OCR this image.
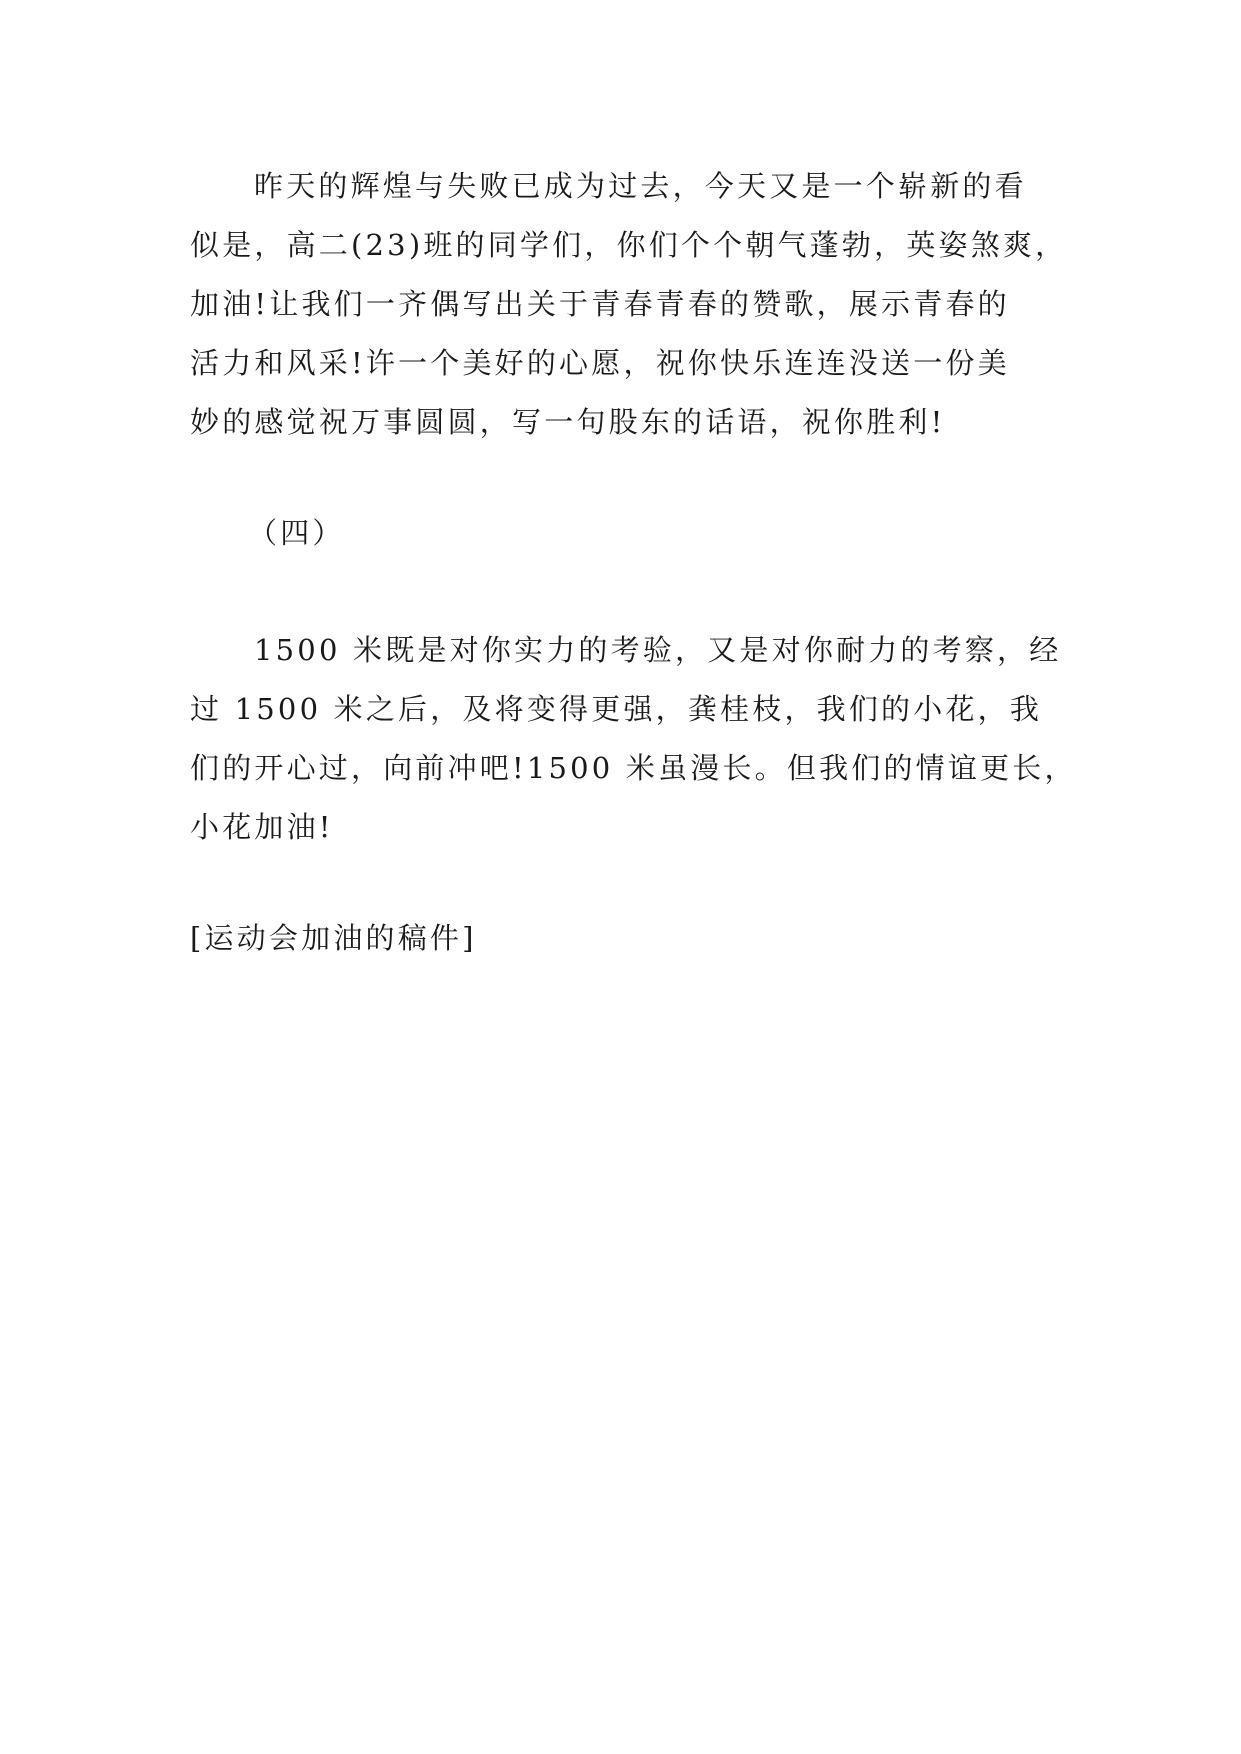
昨天的辉煌与失败已成为过去，今天又是一个崭新的看
似是，高二(23)班的同学们，你们个个朝气蓬勃，英姿煞爽，
加油!让我们一齐偶写出关于青春青春的赞歌，展示青春的
活力和风采!许一个美好的心愿，祝你快乐连连没送一份美
妙的感觉祝万事圆圆，写一句股东的话语，祝你胜利!
（四）
1500 米既是对你实力的考验，又是对你耐力的考察，经
过 1500 米之后，及将变得更强，龚桂枝，我们的小花，我
们的开心过，向前冲吧!1500 米虽漫长。但我们的情谊更长，
小花加油!
[运动会加油的稿件]
